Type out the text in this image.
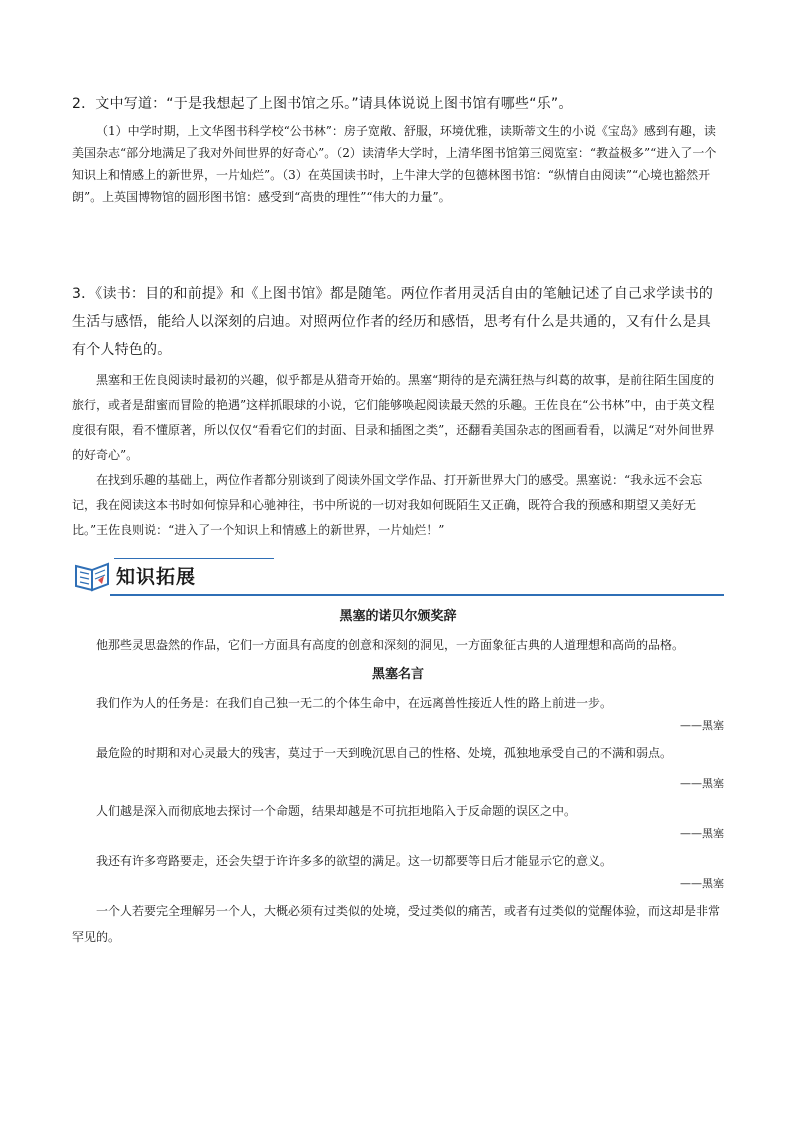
2．文中写道：“于是我想起了上图书馆之乐。”请具体说说上图书馆有哪些“乐”。

（1）中学时期，上文华图书科学校“公书林”：房子宽敞、舒服，环境优雅，读斯蒂文生的小说《宝岛》感到有趣，读美国杂志“部分地满足了我对外间世界的好奇心”。（2）读清华大学时，上清华图书馆第三阅览室：“教益极多”“进入了一个知识上和情感上的新世界，一片灿烂”。（3）在英国读书时，上牛津大学的包德林图书馆：“纵情自由阅读”“心境也豁然开朗”。上英国博物馆的圆形图书馆：感受到“高贵的理性”“伟大的力量”。

3．《读书：目的和前提》和《上图书馆》都是随笔。两位作者用灵活自由的笔触记述了自己求学读书的生活与感悟，能给人以深刻的启迪。对照两位作者的经历和感悟，思考有什么是共通的，又有什么是具有个人特色的。

黑塞和王佐良阅读时最初的兴趣，似乎都是从猎奇开始的。黑塞“期待的是充满狂热与纠葛的故事，是前往陌生国度的旅行，或者是甜蜜而冒险的艳遇”这样抓眼球的小说，它们能够唤起阅读最天然的乐趣。王佐良在“公书林”中，由于英文程度很有限，看不懂原著，所以仅仅“看看它们的封面、目录和插图之类”，还翻看美国杂志的图画看看，以满足“对外间世界的好奇心”。

在找到乐趣的基础上，两位作者都分别谈到了阅读外国文学作品、打开新世界大门的感受。黑塞说：“我永远不会忘记，我在阅读这本书时如何惊异和心驰神往，书中所说的一切对我如何既陌生又正确，既符合我的预感和期望又美好无比。”王佐良则说：“进入了一个知识上和情感上的新世界，一片灿烂！”

知识拓展

黑塞的诺贝尔颁奖辞

他那些灵思盎然的作品，它们一方面具有高度的创意和深刻的洞见，一方面象征古典的人道理想和高尚的品格。

黑塞名言

我们作为人的任务是：在我们自己独一无二的个体生命中，在远离兽性接近人性的路上前进一步。

——黑塞

最危险的时期和对心灵最大的残害，莫过于一天到晚沉思自己的性格、处境，孤独地承受自己的不满和弱点。

——黑塞

人们越是深入而彻底地去探讨一个命题，结果却越是不可抗拒地陷入于反命题的误区之中。

——黑塞

我还有许多弯路要走，还会失望于许许多多的欲望的满足。这一切都要等日后才能显示它的意义。

——黑塞

一个人若要完全理解另一个人，大概必须有过类似的处境，受过类似的痛苦，或者有过类似的觉醒体验，而这却是非常罕见的。
